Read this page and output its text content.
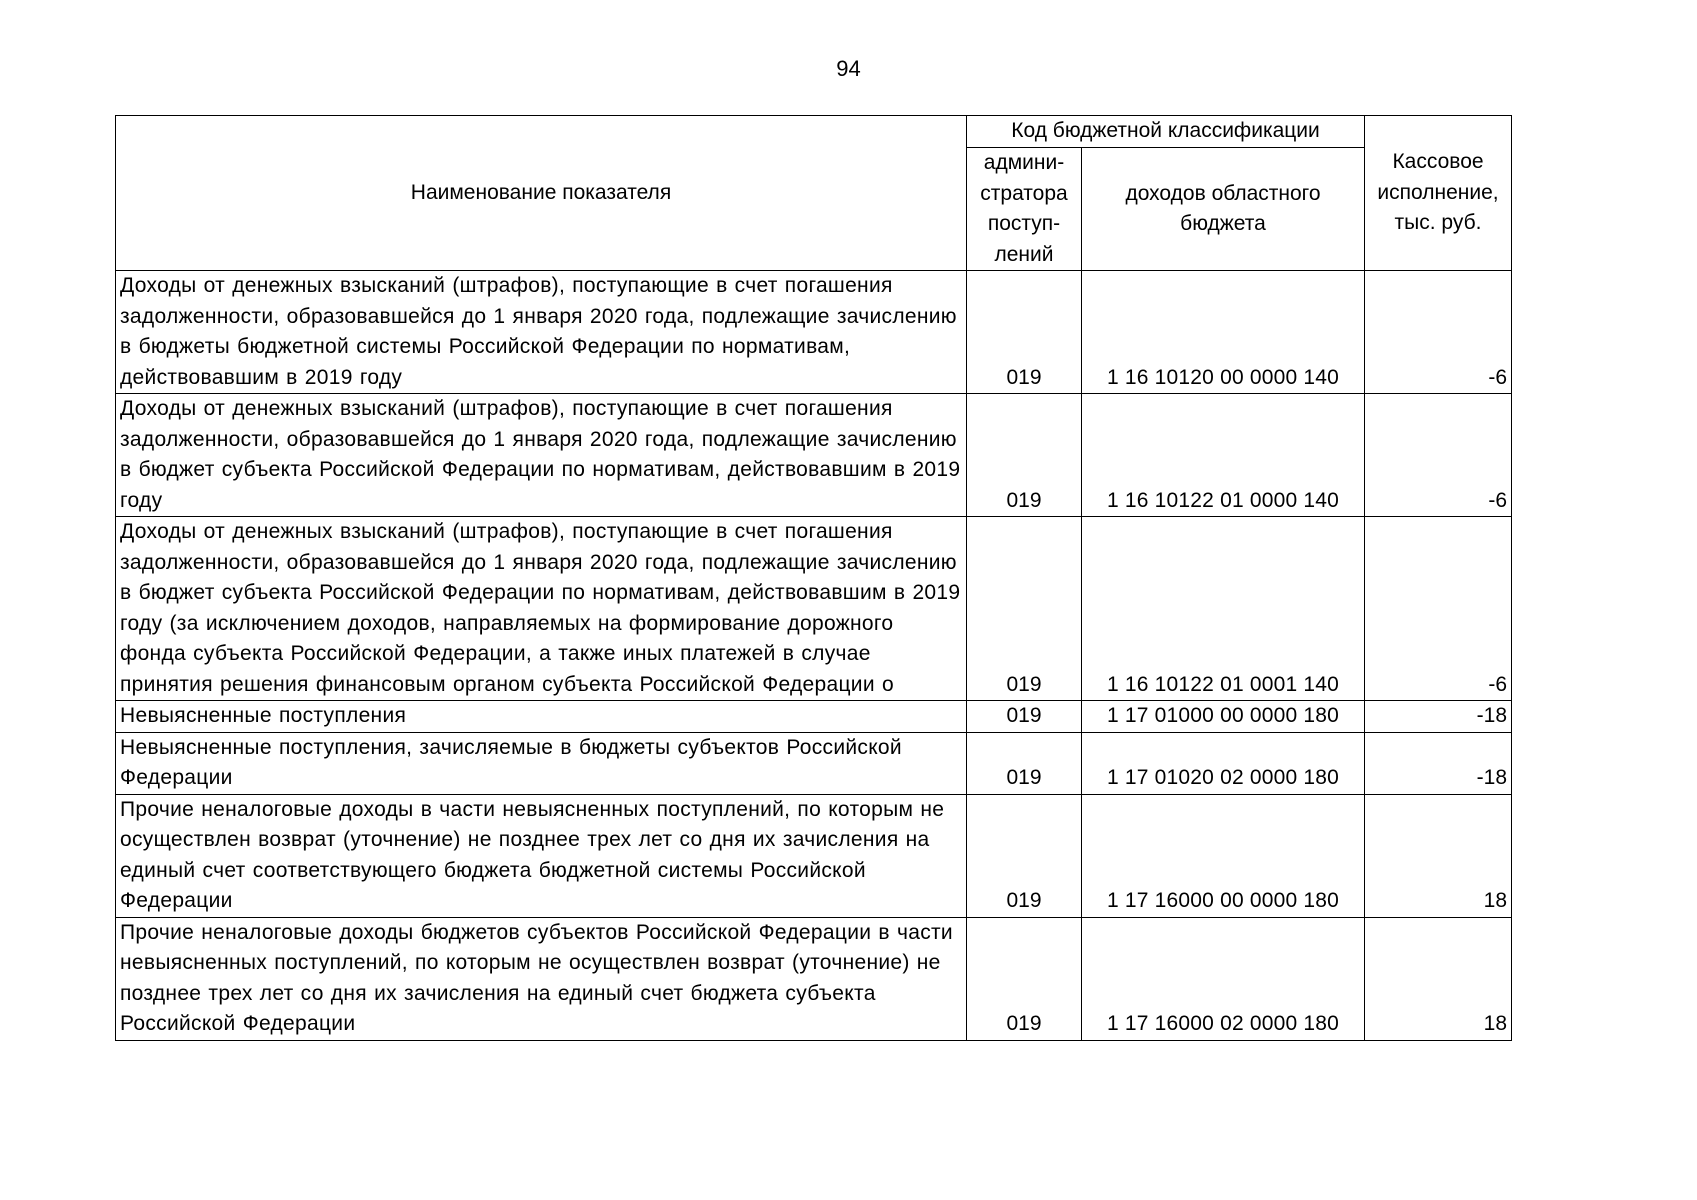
94
Наименование показателя	Код бюджетной классификации		Кассовое исполнение, тыс. руб.
	админи-стратора поступ-лений	доходов областного бюджета	
Доходы от денежных взысканий (штрафов), поступающие в счет погашения задолженности, образовавшейся до 1 января 2020 года, подлежащие зачислению в бюджеты бюджетной системы Российской Федерации по нормативам, действовавшим в 2019 году	019	1 16 10120 00 0000 140	-6
Доходы от денежных взысканий (штрафов), поступающие в счет погашения задолженности, образовавшейся до 1 января 2020 года, подлежащие зачислению в бюджет субъекта Российской Федерации по нормативам, действовавшим в 2019 году	019	1 16 10122 01 0000 140	-6
Доходы от денежных взысканий (штрафов), поступающие в счет погашения задолженности, образовавшейся до 1 января 2020 года, подлежащие зачислению в бюджет субъекта Российской Федерации по нормативам, действовавшим в 2019 году (за исключением доходов, направляемых на формирование дорожного фонда субъекта Российской Федерации, а также иных платежей в случае принятия решения финансовым органом субъекта Российской Федерации о	019	1 16 10122 01 0001 140	-6
Невыясненные поступления	019	1 17 01000 00 0000 180	-18
Невыясненные поступления, зачисляемые в бюджеты субъектов Российской Федерации	019	1 17 01020 02 0000 180	-18
Прочие неналоговые доходы в части невыясненных поступлений, по которым не осуществлен возврат (уточнение) не позднее трех лет со дня их зачисления на единый счет соответствующего бюджета бюджетной системы Российской Федерации	019	1 17 16000 00 0000 180	18
Прочие неналоговые доходы бюджетов субъектов Российской Федерации в части невыясненных поступлений, по которым не осуществлен возврат (уточнение) не позднее трех лет со дня их зачисления на единый счет бюджета субъекта Российской Федерации	019	1 17 16000 02 0000 180	18
